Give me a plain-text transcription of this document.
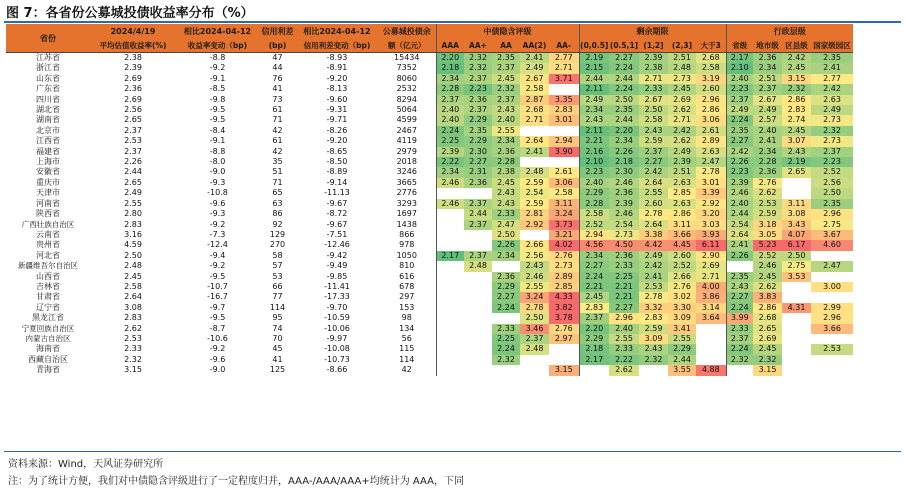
图 7：各省份公募城投债收益率分布（%）
省份	2024/4/19	相比2024-04-12	信用利差	相比2024-04-12	公募城投债余	中债隐含评级					剩余期限					行政层级			
	平均估值收益率(%)	收益率变动（bp)	(bp)	信用利差变动（bp)	额（亿元）	AAA	AA+	AA	AA(2)	AA-	(0,0.5]	(0.5,1]	(1,2]	(2,3]	大于3	省级	地市级	区县级	国家级园区
江苏省	2.38	-8.8	47	-8.93	15434	2.20	2.32	2.35	2.41	2.77	2.19	2.27	2.39	2.51	2.68	2.17	2.36	2.42	2.35
浙江省	2.39	-9.2	44	-8.91	7352	2.18	2.32	2.37	2.49	2.71	2.15	2.24	2.38	2.48	2.58	2.10	2.34	2.45	2.41
山东省	2.69	-9.1	76	-9.20	8060	2.34	2.37	2.45	2.67	3.71	2.44	2.44	2.71	2.73	3.19	2.40	2.51	3.15	2.77
广东省	2.36	-8.5	41	-8.13	2532	2.28	2.23	2.32	2.58		2.11	2.24	2.33	2.45	2.60	2.23	2.37	2.32	2.42
四川省	2.69	-9.8	73	-9.60	8294	2.37	2.36	2.37	2.87	3.35	2.49	2.50	2.67	2.69	2.96	2.37	2.67	2.86	2.63
湖北省	2.56	-9.5	61	-9.31	5064	2.40	2.37	2.43	2.68	2.83	2.34	2.35	2.50	2.62	2.86	2.49	2.49	2.83	2.49
湖南省	2.65	-9.5	71	-9.71	4599	2.40	2.29	2.40	2.71	3.01	2.43	2.44	2.58	2.71	3.06	2.24	2.57	2.74	2.73
北京市	2.37	-8.4	42	-8.26	2467	2.24	2.35	2.55			2.11	2.20	2.43	2.42	2.61	2.35	2.40	2.45	2.32
江西省	2.53	-9.1	61	-9.20	4119	2.25	2.29	2.34	2.64	2.94	2.21	2.34	2.59	2.62	2.89	2.27	2.41	3.07	2.73
福建省	2.37	-8.8	42	-8.65	2979	2.39	2.30	2.36	2.41	3.90	2.16	2.26	2.37	2.49	2.63	2.42	2.34	2.43	2.37
上海市	2.26	-8.0	35	-8.50	2018	2.22	2.27	2.28			2.10	2.18	2.27	2.39	2.47	2.26	2.28	2.19	2.23
安徽省	2.44	-9.0	51	-8.89	3246	2.34	2.31	2.38	2.48	2.61	2.23	2.30	2.42	2.51	2.78	2.23	2.36	2.65	2.52
重庆市	2.65	-9.3	71	-9.14	3665	2.46	2.36	2.45	2.59	3.06	2.40	2.46	2.64	2.63	3.01	2.39	2.76		2.56
天津市	2.49	-10.8	65	-11.13	2776			2.43	2.54	2.58	2.29	2.36	2.55	2.85	3.39	2.46	2.62		2.50
河南省	2.55	-9.6	63	-9.67	3293	2.46	2.37	2.43	2.59	3.11	2.28	2.39	2.60	2.63	2.92	2.40	2.53	3.11	2.35
陕西省	2.80	-9.3	86	-8.72	1697		2.44	2.33	2.81	3.24	2.58	2.46	2.78	2.86	3.20	2.44	2.59	3.08	2.96
广西壮族自治区	2.83	-9.2	92	-9.67	1438		2.37	2.47	2.92	3.73	2.52	2.54	2.64	3.11	3.03	2.54	3.18	3.43	2.75
云南省	3.16	-7.3	129	-7.51	866			2.50		3.21	2.94	2.73	3.38	3.66	3.93	2.64	3.05	4.07	3.67
贵州省	4.59	-12.4	270	-12.46	978			2.26	2.66	4.02	4.56	4.50	4.42	4.45	6.11	2.41	5.23	6.17	4.60
河北省	2.50	-9.4	58	-9.42	1050	2.17	2.37	2.34	2.56	2.76	2.34	2.36	2.49	2.60	2.90	2.26	2.52	2.50	
新疆维吾尔自治区	2.48	-9.2	57	-9.49	810		2.48		2.43	2.73	2.27	2.33	2.42	2.52	2.69		2.46	2.75	2.47
山西省	2.45	-9.5	53	-9.85	616			2.36	2.46	2.89	2.24	2.25	2.41	2.66	2.71	2.35	2.45	3.53	
吉林省	2.58	-10.7	66	-11.41	678			2.29	2.55	2.85	2.21	2.21	2.53	2.76	4.00	2.43	2.62		3.00
甘肃省	2.64	-16.7	77	-17.33	297			2.27	3.24	4.33	2.45	2.21	2.78	3.02	3.86	2.27	3.83		
辽宁省	3.08	-9.7	114	-9.70	153			2.24	2.78	3.82	2.83	2.27	3.32	3.30	3.14	2.24	2.86	4.31	2.99
黑龙江省	2.83	-9.5	95	-10.59	98				2.50	3.78	2.37	2.96	2.83	3.09	3.64	3.99	2.68		2.96
宁夏回族自治区	2.62	-8.7	74	-10.06	134			2.33	3.46	2.76	2.20	2.40	2.59	3.41		2.33	2.65		3.66
内蒙古自治区	2.53	-10.6	70	-9.97	56			2.25	2.37	2.97	2.29	2.55	3.09	2.55		2.37	2.69		
海南省	2.33	-9.2	45	-10.08	115			2.24	2.48		2.18	2.33	2.43	2.29		2.24	2.45		2.53
西藏自治区	2.32	-9.6	41	-10.73	114			2.32			2.17	2.22	2.32	2.44		2.32	2.32		
青海省	3.15	-9.0	125	-8.66	42					3.15		2.62		3.55	4.88		3.15		
资料来源：Wind，天风证券研究所
注：为了统计方便，我们对中债隐含评级进行了一定程度归并，AAA-/AAA/AAA+均统计为 AAA，下同
